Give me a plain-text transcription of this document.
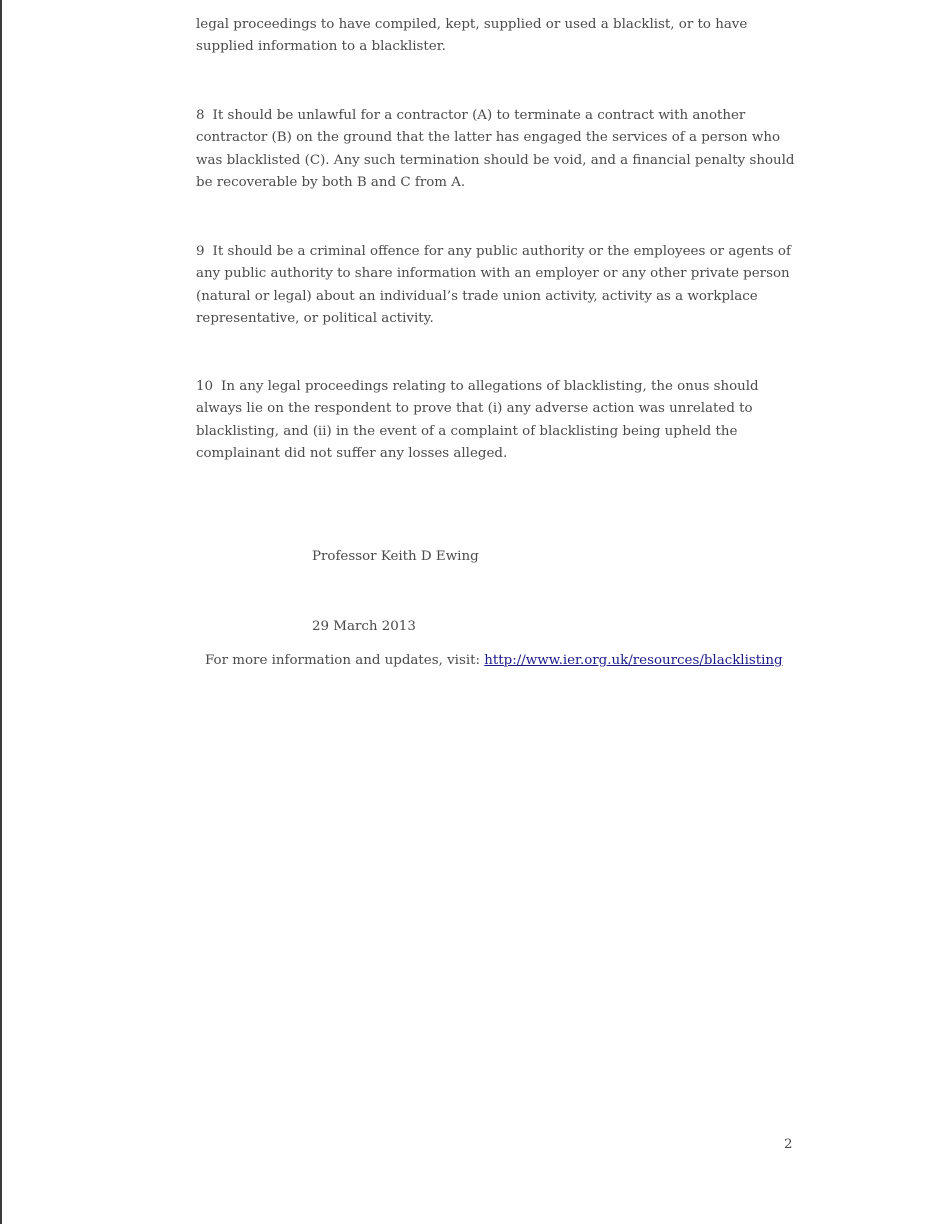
legal proceedings to have compiled, kept, supplied or used a blacklist, or to have supplied information to a blacklister.

8 It should be unlawful for a contractor (A) to terminate a contract with another contractor (B) on the ground that the latter has engaged the services of a person who was blacklisted (C). Any such termination should be void, and a financial penalty should be recoverable by both B and C from A.

9 It should be a criminal offence for any public authority or the employees or agents of any public authority to share information with an employer or any other private person (natural or legal) about an individual’s trade union activity, activity as a workplace representative, or political activity.

10 In any legal proceedings relating to allegations of blacklisting, the onus should always lie on the respondent to prove that (i) any adverse action was unrelated to blacklisting, and (ii) in the event of a complaint of blacklisting being upheld the complainant did not suffer any losses alleged.

Professor Keith D Ewing

29 March 2013

For more information and updates, visit: http://www.ier.org.uk/resources/blacklisting

2
